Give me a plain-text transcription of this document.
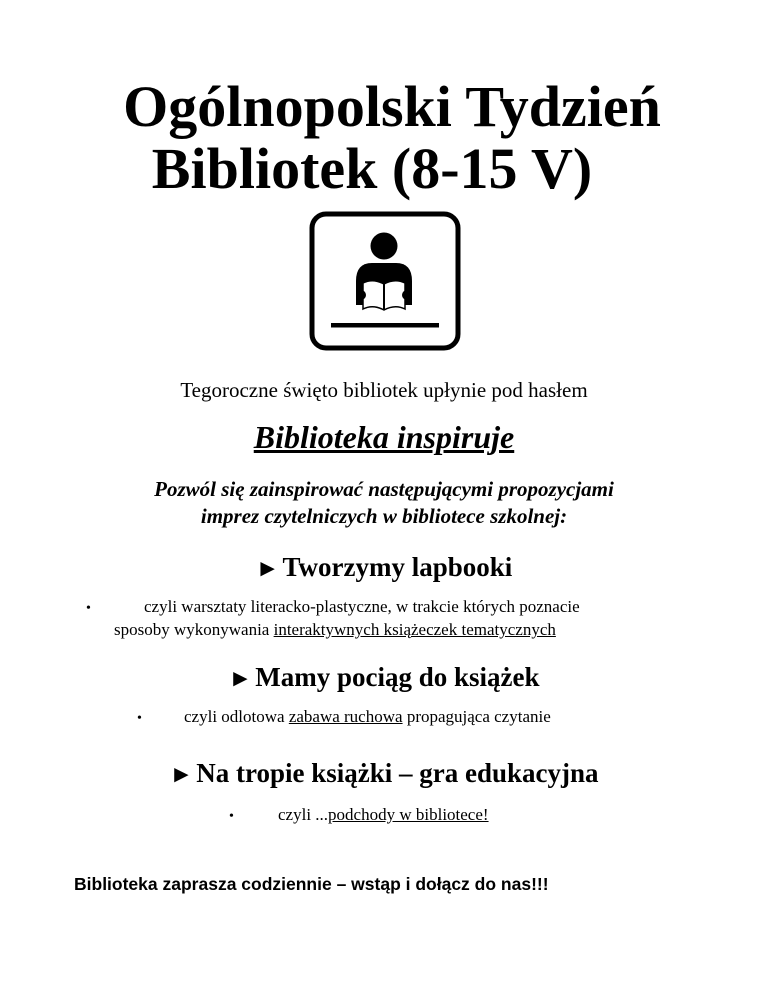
Ogólnopolski Tydzień
Bibliotek (8-15 V)
Tegoroczne święto bibliotek upłynie pod hasłem
Biblioteka inspiruje
Pozwól się zainspirować następującymi propozycjami
imprez czytelniczych w bibliotece szkolnej:
► Tworzymy lapbooki
•	czyli warsztaty literacko-plastyczne, w trakcie których poznacie
sposoby wykonywania interaktywnych książeczek tematycznych
► Mamy pociąg do książek
• czyli odlotowa zabawa ruchowa propagująca czytanie
► Na tropie książki – gra edukacyjna
•	czyli ...podchody w bibliotece!
Biblioteka zaprasza codziennie – wstąp i dołącz do nas!!!
